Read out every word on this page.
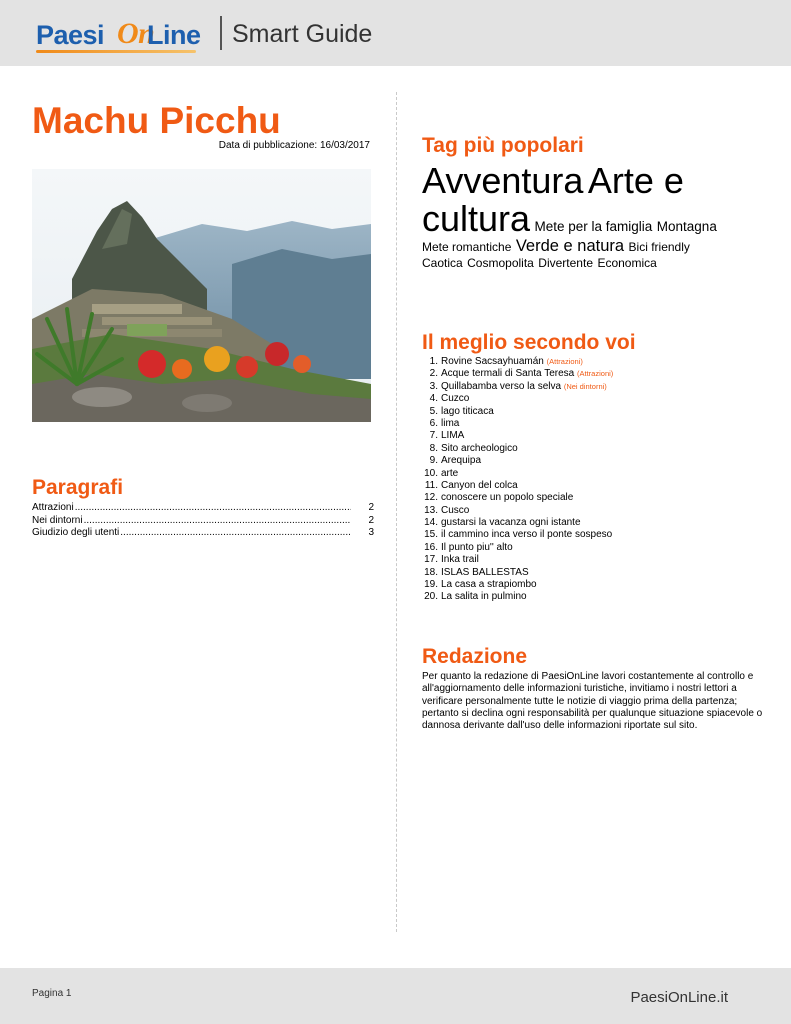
Paesi On
Line Smart Guide
Machu Picchu
Data di pubblicazione: 16/03/2017
Paragrafi
Attrazioni .....	2
Nei dintorni .....	2
Giudizio degli utenti .....	3
Tag più popolari
Avventura Arte e cultura Mete per la famiglia Montagna
Mete romantiche Verde e natura Bici friendly
Caotica Cosmopolita Divertente Economica
Il meglio secondo voi
1. Rovine Sacsayhuamán (Attrazioni)
2. Acque termali di Santa Teresa (Attrazioni)
3. Quillabamba verso la selva (Nei dintorni)
4. Cuzco
5. lago titicaca
6. lima
7. LIMA
8. Sito archeologico
9. Arequipa
10. arte
11. Canyon del colca
12. conoscere un popolo speciale
13. Cusco
14. gustarsi la vacanza ogni istante
15. il cammino inca verso il ponte sospeso
16. Il punto piu'' alto
17. Inka trail
18. ISLAS BALLESTAS
19. La casa a strapiombo
20. La salita in pulmino
Redazione

Per quanto la redazione di PaesiOnLine lavori costantemente al controllo e all'aggiornamento delle informazioni turistiche, invitiamo i nostri lettori a verificare personalmente tutte le notizie di viaggio prima della partenza; pertanto si declina ogni responsabilità per qualunque situazione spiacevole o dannosa derivante dall'uso delle informazioni riportate sul sito.

Pagina 1	PaesiOnLine.it
